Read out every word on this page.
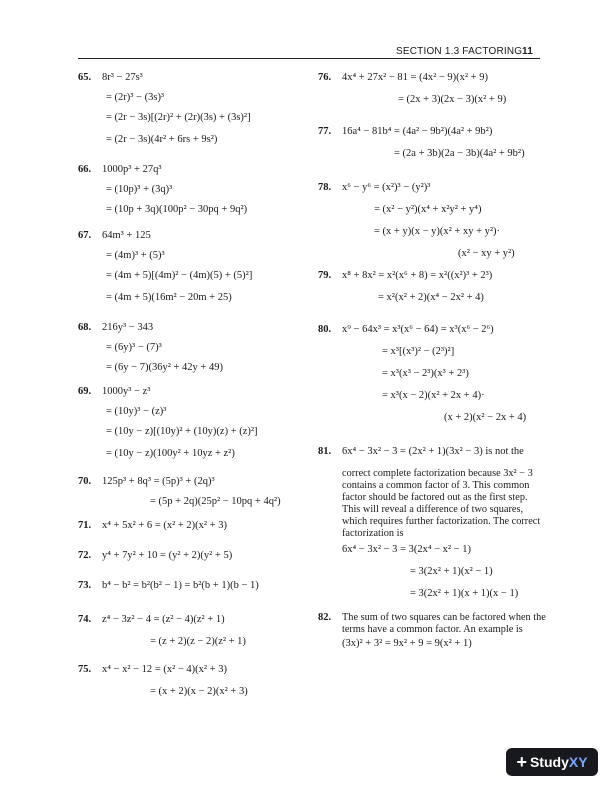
SECTION 1.3 FACTORING 11
65. 8r³ − 27s³
= (2r)³ − (3s)³
= (2r − 3s)[(2r)² + (2r)(3s) + (3s)²]
= (2r − 3s)(4r² + 6rs + 9s²)
66. 1000p³ + 27q³
= (10p)³ + (3q)³
= (10p + 3q)(100p² − 30pq + 9q²)
67. 64m³ + 125
= (4m)³ + (5)³
= (4m + 5)[(4m)² − (4m)(5) + (5)²]
= (4m + 5)(16m² − 20m + 25)
68. 216y³ − 343
= (6y)³ − (7)³
= (6y − 7)(36y² + 42y + 49)
69. 1000y³ − z³
= (10y)³ − (z)³
= (10y − z)[(10y)² + (10y)(z) + (z)²]
= (10y − z)(100y² + 10yz + z²)
70. 125p³ + 8q³ = (5p)³ + (2q)³
= (5p + 2q)(25p² − 10pq + 4q²)
71. x⁴ + 5x² + 6 = (x² + 2)(x² + 3)
72. y⁴ + 7y² + 10 = (y² + 2)(y² + 5)
73. b⁴ − b² = b²(b² − 1) = b²(b + 1)(b − 1)
74. z⁴ − 3z² − 4 = (z² − 4)(z² + 1)
= (z + 2)(z − 2)(z² + 1)
75. x⁴ − x² − 12 = (x² − 4)(x² + 3)
= (x + 2)(x − 2)(x² + 3)
76. 4x⁴ + 27x² − 81 = (4x² − 9)(x² + 9)
= (2x + 3)(2x − 3)(x² + 9)
77. 16a⁴ − 81b⁴ = (4a² − 9b²)(4a² + 9b²)
= (2a + 3b)(2a − 3b)(4a² + 9b²)
78. x⁶ − y⁶ = (x²)³ − (y²)³
= (x² − y²)(x⁴ + x²y² + y⁴)
= (x + y)(x − y)(x² + xy + y²)·
(x² − xy + y²)
79. x⁸ + 8x² = x²(x⁶ + 8) = x²((x²)³ + 2³)
= x²(x² + 2)(x⁴ − 2x² + 4)
80. x⁹ − 64x³ = x³(x⁶ − 64) = x³(x⁶ − 2⁶)
= x³[(x³)² − (2³)²]
= x³(x³ − 2³)(x³ + 2³)
= x³(x − 2)(x² + 2x + 4)·
(x + 2)(x² − 2x + 4)
81. 6x⁴ − 3x² − 3 = (2x² + 1)(3x² − 3) is not the
correct complete factorization because 3x² − 3
contains a common factor of 3. This common
factor should be factored out as the first step.
This will reveal a difference of two squares,
which requires further factorization. The correct
factorization is
6x⁴ − 3x² − 3 = 3(2x⁴ − x² − 1)
= 3(2x² + 1)(x² − 1)
= 3(2x² + 1)(x + 1)(x − 1)
82. The sum of two squares can be factored when the
terms have a common factor. An example is
(3x)² + 3² = 9x² + 9 = 9(x² + 1)
+ Study XY
